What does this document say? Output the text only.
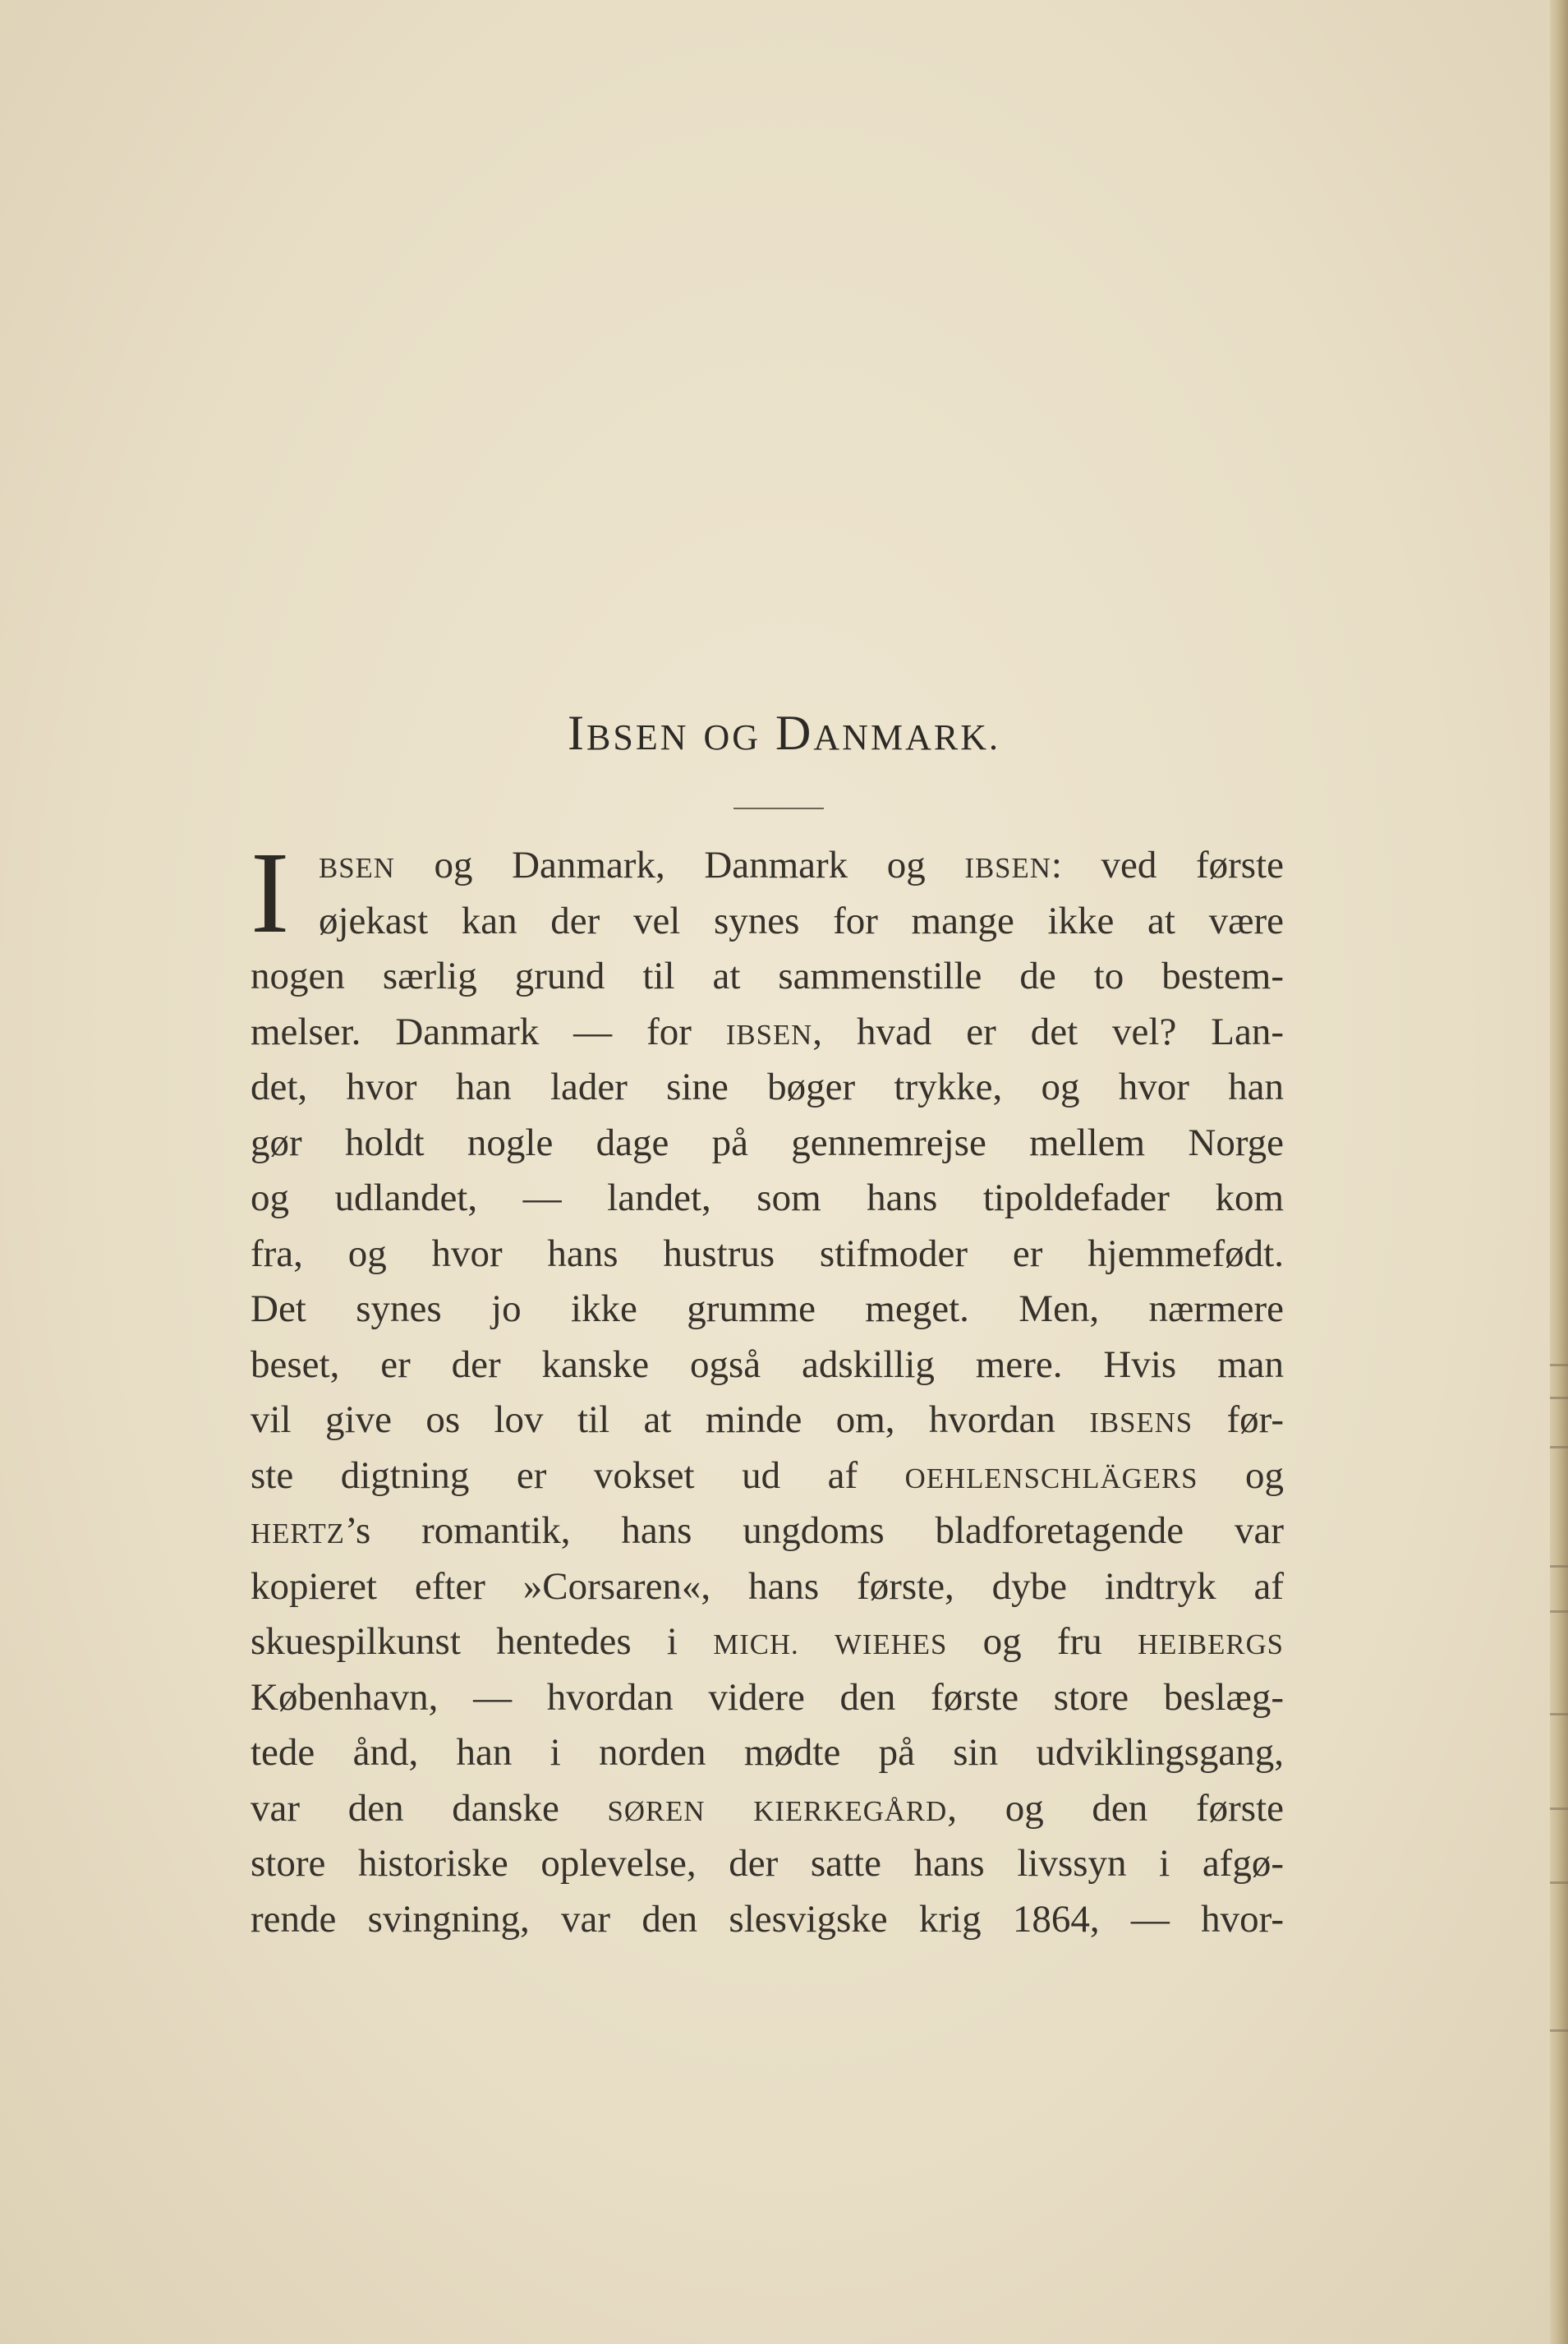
IBSEN OG DANMARK.
I BSEN og Danmark, Danmark og IBSEN: ved første
øjekast kan der vel synes for mange ikke at være
nogen særlig grund til at sammenstille de to bestem-
melser. Danmark — for IBSEN, hvad er det vel? Lan-
det, hvor han lader sine bøger trykke, og hvor han
gør holdt nogle dage på gennemrejse mellem Norge
og udlandet, — landet, som hans tipoldefader kom
fra, og hvor hans hustrus stifmoder er hjemmefødt.
Det synes jo ikke grumme meget. Men, nærmere
beset, er der kanske også adskillig mere. Hvis man
vil give os lov til at minde om, hvordan IBSENS før-
ste digtning er vokset ud af OEHLENSCHLÄGERS og
HERTZ’s romantik, hans ungdoms bladforetagende var
kopieret efter »Corsaren«, hans første, dybe indtryk af
skuespilkunst hentedes i MICH. WIEHES og fru HEIBERGS
København, — hvordan videre den første store beslæg-
tede ånd, han i norden mødte på sin udviklingsgang,
var den danske SØREN KIERKEGÅRD, og den første
store historiske oplevelse, der satte hans livssyn i afgø-
rende svingning, var den slesvigske krig 1864, — hvor-
